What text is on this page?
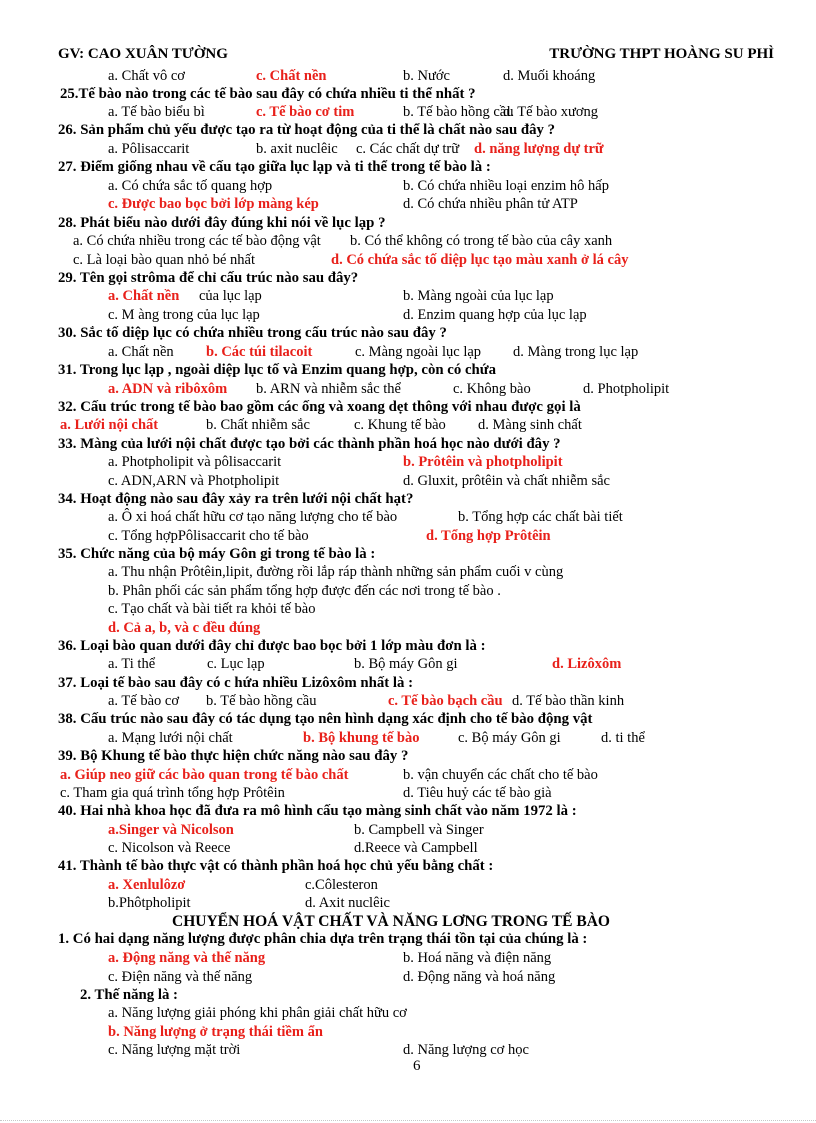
GV: CAO XUÂN TƯỜNG	TRƯỜNG THPT HOÀNG SU PHÌ
a. Chất vô cơ	c. Chất nền	b. Nước	d. Muối khoáng
25.Tế bào nào trong các tế bào sau đây có chứa nhiều ti thể nhất ?
a. Tế bào biểu bì	c. Tế bào cơ tim	b. Tế bào hồng cầu
d. Tế bào xương
26. Sản phẩm chủ yếu được tạo ra từ hoạt động của ti thể là chất nào sau đây ?
a. Pôlisaccarit	b. axit nuclêic c. Các chất dự trữ d. năng lượng dự trữ
27. Điểm giống nhau về cấu tạo giữa lục lạp và ti thể trong tế bào là :
a. Có chứa sắc tố quang hợp	b. Có chứa nhiều loại enzim hô hấp
c. Được bao bọc bởi lớp màng kép	d. Có chứa nhiều phân tử ATP
28. Phát biểu nào dưới đây đúng khi nói về lục lạp ?
a. Có chứa nhiều trong các tế bào động vật b. Có thể không có trong tế bào của cây xanh
c. Là loại bào quan nhỏ bé nhất	d. Có chứa sắc tố diệp lục tạo màu xanh ở lá cây
29. Tên gọi strôma để chỉ cấu trúc nào sau đây?
a. Chất nền của lục lạp	b. Màng ngoài của lục lạp
c. M àng trong của lục lạp	d. Enzim quang hợp của lục lạp
30. Sắc tố diệp lục có chứa nhiều trong cấu trúc nào sau đây ?
a. Chất nền b. Các túi tilacoit	c. Màng ngoài lục lạp d. Màng trong lục lạp
31. Trong lục lạp , ngoài diệp lục tố và Enzim quang hợp, còn có chứa
a. ADN và ribôxôm b. ARN và nhiễm sắc thể	c. Không bào	d. Photpholipit
32. Cấu trúc trong tế bào bao gồm các ống và xoang dẹt thông với nhau được gọi là
a. Lưới nội chất	b. Chất nhiễm sắc	c. Khung tế bào d. Màng sinh chất
33. Màng của lưới nội chất được tạo bởi các thành phần hoá học nào dưới đây ?
a. Photpholipit và pôlisaccarit	b. Prôtêin và photpholipit
c. ADN,ARN và Photpholipit	d. Gluxit, prôtêin và chất nhiễm sắc
34. Hoạt động nào sau đây xảy ra trên lưới nội chất hạt?
a. Ô xi hoá chất hữu cơ tạo năng lượng cho tế bào	b. Tổng hợp các chất bài tiết
c. Tổng hợpPôlisaccarit cho tế bào	d. Tổng hợp Prôtêin
35. Chức năng của bộ máy Gôn gi trong tế bào là :
a. Thu nhận Prôtêin,lipit, đường rồi lắp ráp thành những sản phẩm cuối v cùng
b. Phân phối các sản phẩm tổng hợp được đến các nơi trong tế bào .
c. Tạo chất và bài tiết ra khỏi tế bào
d. Cả a, b, và c đều đúng
36. Loại bào quan dưới đây chỉ được bao bọc bởi 1 lớp màu đơn là :
a. Ti thể	c. Lục lạp	b. Bộ máy Gôn gi	d. Lizôxôm
37. Loại tế bào sau đây có c hứa nhiều Lizôxôm nhất là :
a. Tế bào cơ b. Tế bào hồng cầu	c. Tế bào bạch cầu d. Tế bào thần kinh
38. Cấu trúc nào sau đây có tác dụng tạo nên hình dạng xác định cho tế bào động vật
a. Mạng lưới nội chất	b. Bộ khung tế bào	c. Bộ máy Gôn gi	d. ti thể
39. Bộ Khung tế bào thực hiện chức năng nào sau đây ?
a. Giúp neo giữ các bào quan trong tế bào chất	b. vận chuyển các chất cho tế bào
c. Tham gia quá trình tổng hợp Prôtêin	d. Tiêu huỷ các tế bào già
40. Hai nhà khoa học đã đưa ra mô hình cấu tạo màng sinh chất vào năm 1972 là :
a.Singer và Nicolson	b. Campbell và Singer
c. Nicolson và Reece	d.Reece và Campbell
41. Thành tế bào thực vật có thành phần hoá học chủ yếu bằng chất :
a. Xenlulôzơ	c.Côlesteron
b.Phôtpholipit	d. Axit nuclêic
CHUYỂN HOÁ VẬT CHẤT VÀ NĂNG LƠNG TRONG TẾ BÀO
1. Có hai dạng năng lượng được phân chia dựa trên trạng thái tồn tại của chúng là :
a. Động năng và thế năng	b. Hoá năng và điện năng
c. Điện năng và thế năng	d. Động năng và hoá năng
2. Thế năng là :
a. Năng lượng giải phóng khi phân giải chất hữu cơ
b. Năng lượng ở trạng thái tiềm ẩn
c. Năng lượng mặt trời	d. Năng lượng cơ học
6
